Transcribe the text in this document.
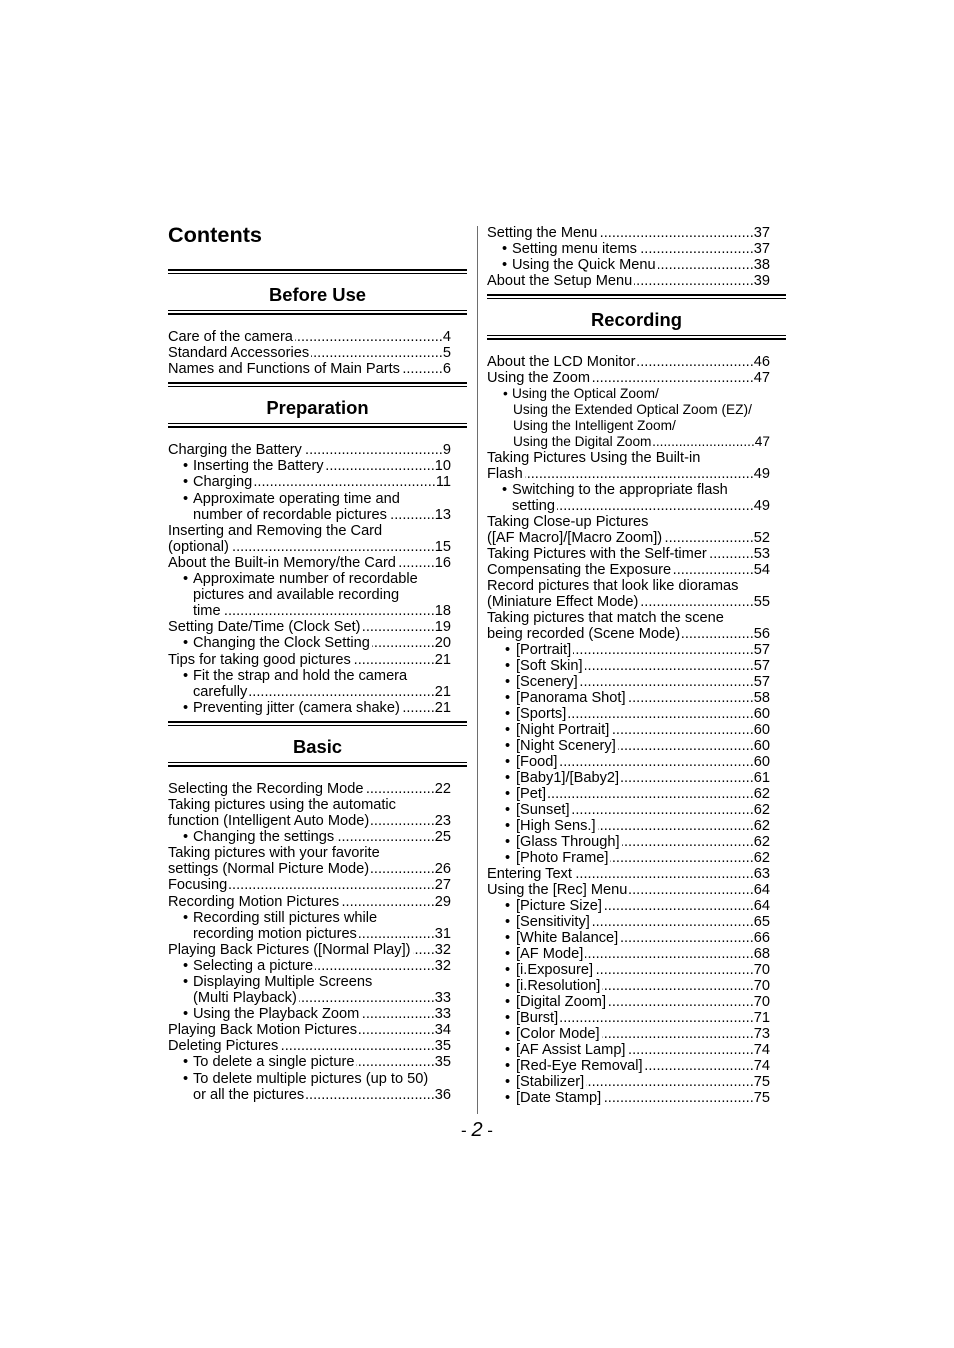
Contents
Before Use
Care of the camera .....	4
Standard Accessories .....	5
Names and Functions of Main Parts .....	6
Preparation
Charging the Battery .....	9
• Inserting the Battery .....	10
• Charging .....	11
• Approximate operating time and
number of recordable pictures .....	13
Inserting and Removing the Card
(optional) .....	15
About the Built-in Memory/the Card .....	16
• Approximate number of recordable
pictures and available recording
time .....	18
Setting Date/Time (Clock Set) .....	19
• Changing the Clock Setting .....	20
Tips for taking good pictures .....	21
• Fit the strap and hold the camera
carefully .....	21
• Preventing jitter (camera shake) ..... 21
Basic
Selecting the Recording Mode .....	22
Taking pictures using the automatic
function (Intelligent Auto Mode) .....	23
• Changing the settings .....	25
Taking pictures with your favorite
settings (Normal Picture Mode) .....	26
Focusing .....	27
Recording Motion Pictures .....	29
• Recording still pictures while
recording motion pictures .....	31
Playing Back Pictures ([Normal Play]) ..... 32
• Selecting a picture .....	32
• Displaying Multiple Screens
(Multi Playback) .....	33
• Using the Playback Zoom .....	33
Playing Back Motion Pictures .....	34
Deleting Pictures .....	35
• To delete a single picture .....	35
• To delete multiple pictures (up to 50)
or all the pictures .....	36
Setting the Menu .....	37
• Setting menu items .....	37
• Using the Quick Menu .....	38
About the Setup Menu .....	39
Recording
About the LCD Monitor .....	46
Using the Zoom .....	47
• Using the Optical Zoom/
Using the Extended Optical Zoom (EZ)/
Using the Intelligent Zoom/
Using the Digital Zoom .....	47
Taking Pictures Using the Built-in
Flash .....	49
• Switching to the appropriate flash
setting .....	49
Taking Close-up Pictures
([AF Macro]/[Macro Zoom]) .....	52
Taking Pictures with the Self-timer .....	53
Compensating the Exposure .....	54
Record pictures that look like dioramas
(Miniature Effect Mode) .....	55
Taking pictures that match the scene
being recorded (Scene Mode) .....	56
• [Portrait] .....	57
• [Soft Skin] .....	57
• [Scenery] .....	57
• [Panorama Shot] .....	58
• [Sports] .....	60
• [Night Portrait] .....	60
• [Night Scenery] .....	60
• [Food] .....	60
• [Baby1]/[Baby2] .....	61
• [Pet] .....	62
• [Sunset] .....	62
• [High Sens.] .....	62
• [Glass Through] .....	62
• [Photo Frame] .....	62
Entering Text .....	63
Using the [Rec] Menu .....	64
• [Picture Size] .....	64
• [Sensitivity] .....	65
• [White Balance] .....	66
• [AF Mode] .....	68
• [i.Exposure] .....	70
• [i.Resolution] .....	70
• [Digital Zoom] .....	70
• [Burst] .....	71
• [Color Mode] .....	73
• [AF Assist Lamp] .....	74
• [Red-Eye Removal] .....	74
• [Stabilizer] .....	75
• [Date Stamp] .....	75
- 2 -
